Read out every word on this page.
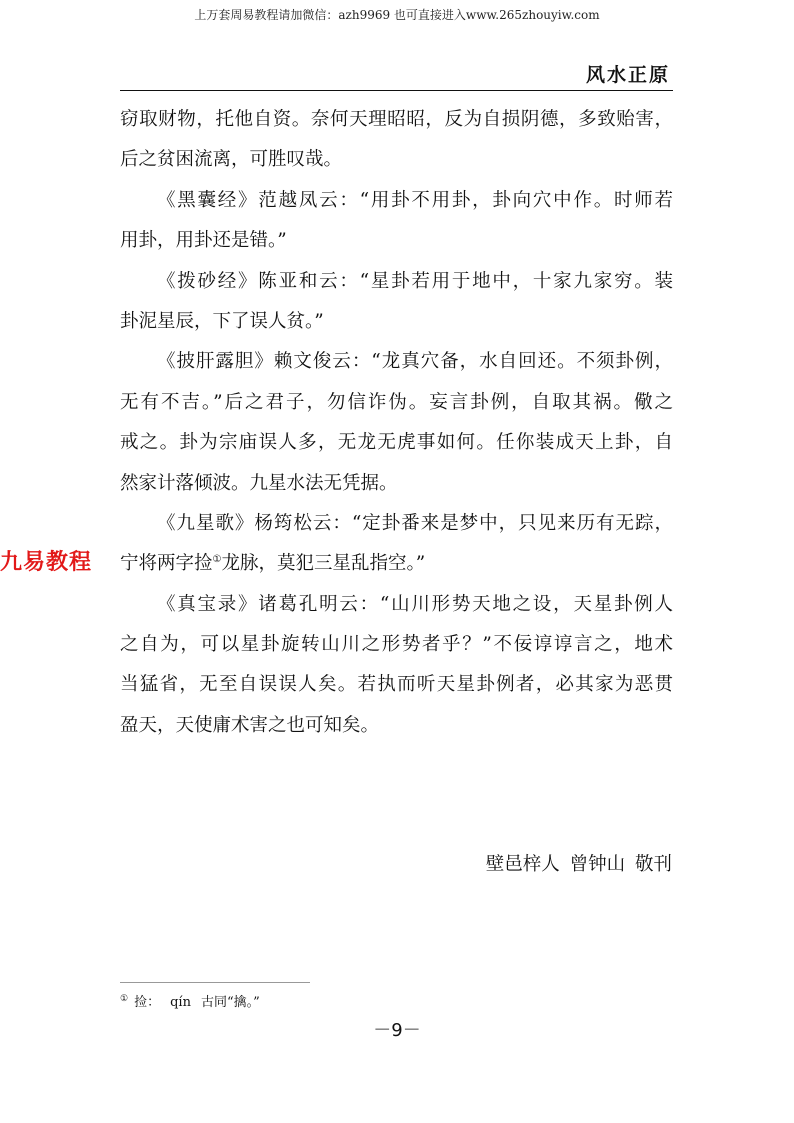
上万套周易教程请加微信：azh9969 也可直接进入www.265zhouyiw.com
风水正原
窃取财物，托他自资。奈何天理昭昭，反为自损阴德，多致贻害，
后之贫困流离，可胜叹哉。
《黑囊经》范越凤云：“用卦不用卦，卦向穴中作。时师若
用卦，用卦还是错。”
《拨砂经》陈亚和云：“星卦若用于地中，十家九家穷。装
卦泥星辰，下了误人贫。”
《披肝露胆》赖文俊云：“龙真穴备，水自回还。不须卦例，
无有不吉。”后之君子，勿信诈伪。妄言卦例，自取其祸。儆之
戒之。卦为宗庙误人多，无龙无虎事如何。任你装成天上卦，自
然家计落倾波。九星水法无凭据。
《九星歌》杨筠松云：“定卦番来是梦中，只见来历有无踪，
宁将两字捡①龙脉，莫犯三星乱指空。”
《真宝录》诸葛孔明云：“山川形势天地之设，天星卦例人
之自为，可以星卦旋转山川之形势者乎？”不佞谆谆言之，地术
当猛省，无至自误误人矣。若执而听天星卦例者，必其家为恶贯
盈天，天使庸术害之也可知矣。
九易教程
壁邑梓人 曾钟山 敬刊
① 捡： qín 古同“擒。”
－9－
